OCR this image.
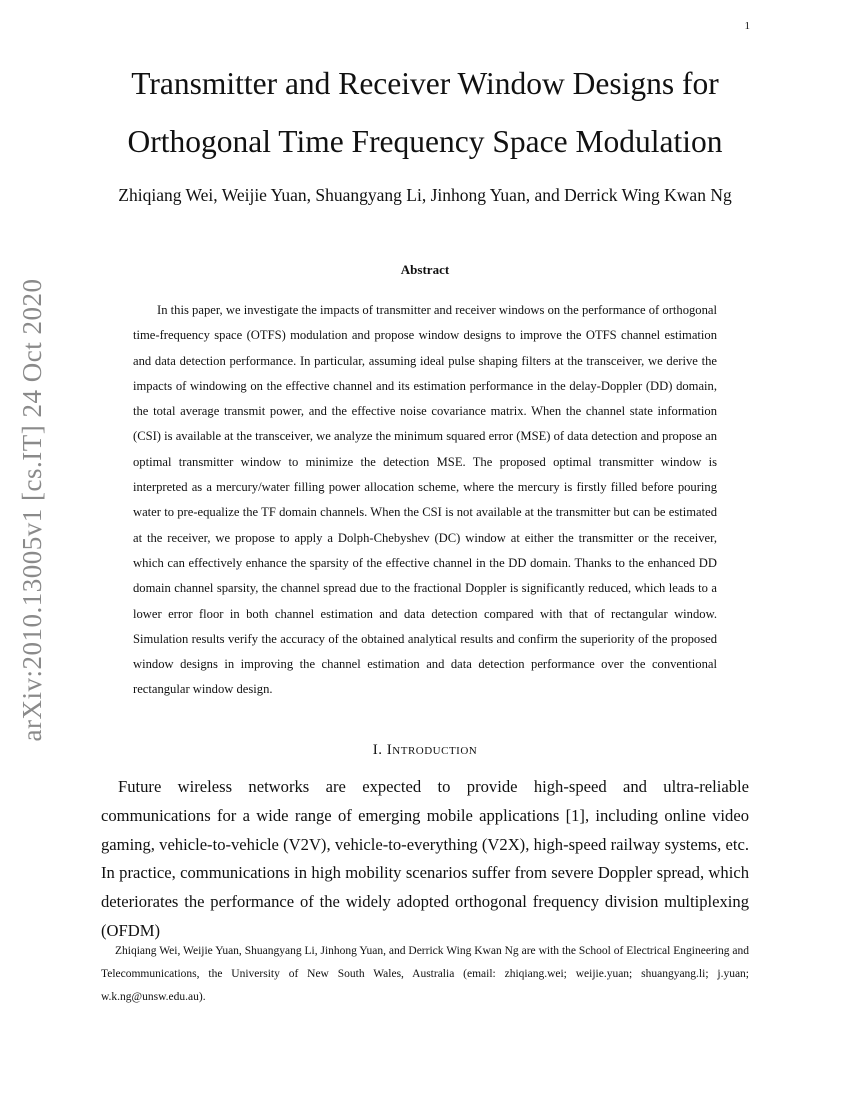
1
arXiv:2010.13005v1 [cs.IT] 24 Oct 2020
Transmitter and Receiver Window Designs for Orthogonal Time Frequency Space Modulation
Zhiqiang Wei, Weijie Yuan, Shuangyang Li, Jinhong Yuan, and Derrick Wing Kwan Ng
Abstract

In this paper, we investigate the impacts of transmitter and receiver windows on the performance of orthogonal time-frequency space (OTFS) modulation and propose window designs to improve the OTFS channel estimation and data detection performance. In particular, assuming ideal pulse shaping filters at the transceiver, we derive the impacts of windowing on the effective channel and its estimation performance in the delay-Doppler (DD) domain, the total average transmit power, and the effective noise covariance matrix. When the channel state information (CSI) is available at the transceiver, we analyze the minimum squared error (MSE) of data detection and propose an optimal transmitter window to minimize the detection MSE. The proposed optimal transmitter window is interpreted as a mercury/water filling power allocation scheme, where the mercury is firstly filled before pouring water to pre-equalize the TF domain channels. When the CSI is not available at the transmitter but can be estimated at the receiver, we propose to apply a Dolph-Chebyshev (DC) window at either the transmitter or the receiver, which can effectively enhance the sparsity of the effective channel in the DD domain. Thanks to the enhanced DD domain channel sparsity, the channel spread due to the fractional Doppler is significantly reduced, which leads to a lower error floor in both channel estimation and data detection compared with that of rectangular window. Simulation results verify the accuracy of the obtained analytical results and confirm the superiority of the proposed window designs in improving the channel estimation and data detection performance over the conventional rectangular window design.

I. Introduction

Future wireless networks are expected to provide high-speed and ultra-reliable communications for a wide range of emerging mobile applications [1], including online video gaming, vehicle-to-vehicle (V2V), vehicle-to-everything (V2X), high-speed railway systems, etc. In practice, communications in high mobility scenarios suffer from severe Doppler spread, which deteriorates the performance of the widely adopted orthogonal frequency division multiplexing (OFDM)

Zhiqiang Wei, Weijie Yuan, Shuangyang Li, Jinhong Yuan, and Derrick Wing Kwan Ng are with the School of Electrical Engineering and Telecommunications, the University of New South Wales, Australia (email: zhiqiang.wei; weijie.yuan; shuangyang.li; j.yuan; w.k.ng@unsw.edu.au).
